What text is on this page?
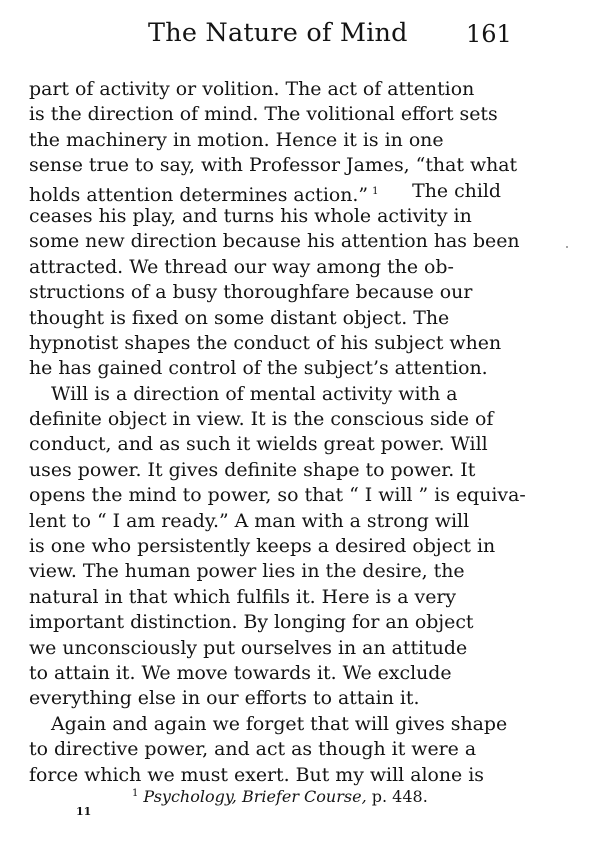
The Nature of Mind 161
part of activity or volition. The act of attention
is the direction of mind. The volitional effort sets
the machinery in motion. Hence it is in one
sense true to say, with Professor James, “that what
holds attention determines action.” $^1$ The child
ceases his play, and turns his whole activity in
some new direction because his attention has been
attracted. We thread our way among the ob-
structions of a busy thoroughfare because our
thought is fixed on some distant object. The
hypnotist shapes the conduct of his subject when
he has gained control of the subject’s attention.
Will is a direction of mental activity with a
definite object in view. It is the conscious side of
conduct, and as such it wields great power. Will
uses power. It gives definite shape to power. It
opens the mind to power, so that “ I will ” is equiva-
lent to “ I am ready.” A man with a strong will
is one who persistently keeps a desired object in
view. The human power lies in the desire, the
natural in that which fulfils it. Here is a very
important distinction. By longing for an object
we unconsciously put ourselves in an attitude
to attain it. We move towards it. We exclude
everything else in our efforts to attain it.
Again and again we forget that will gives shape
to directive power, and act as though it were a
force which we must exert. But my will alone is
$^1$ Psychology, Briefer Course, p. 448.
11
